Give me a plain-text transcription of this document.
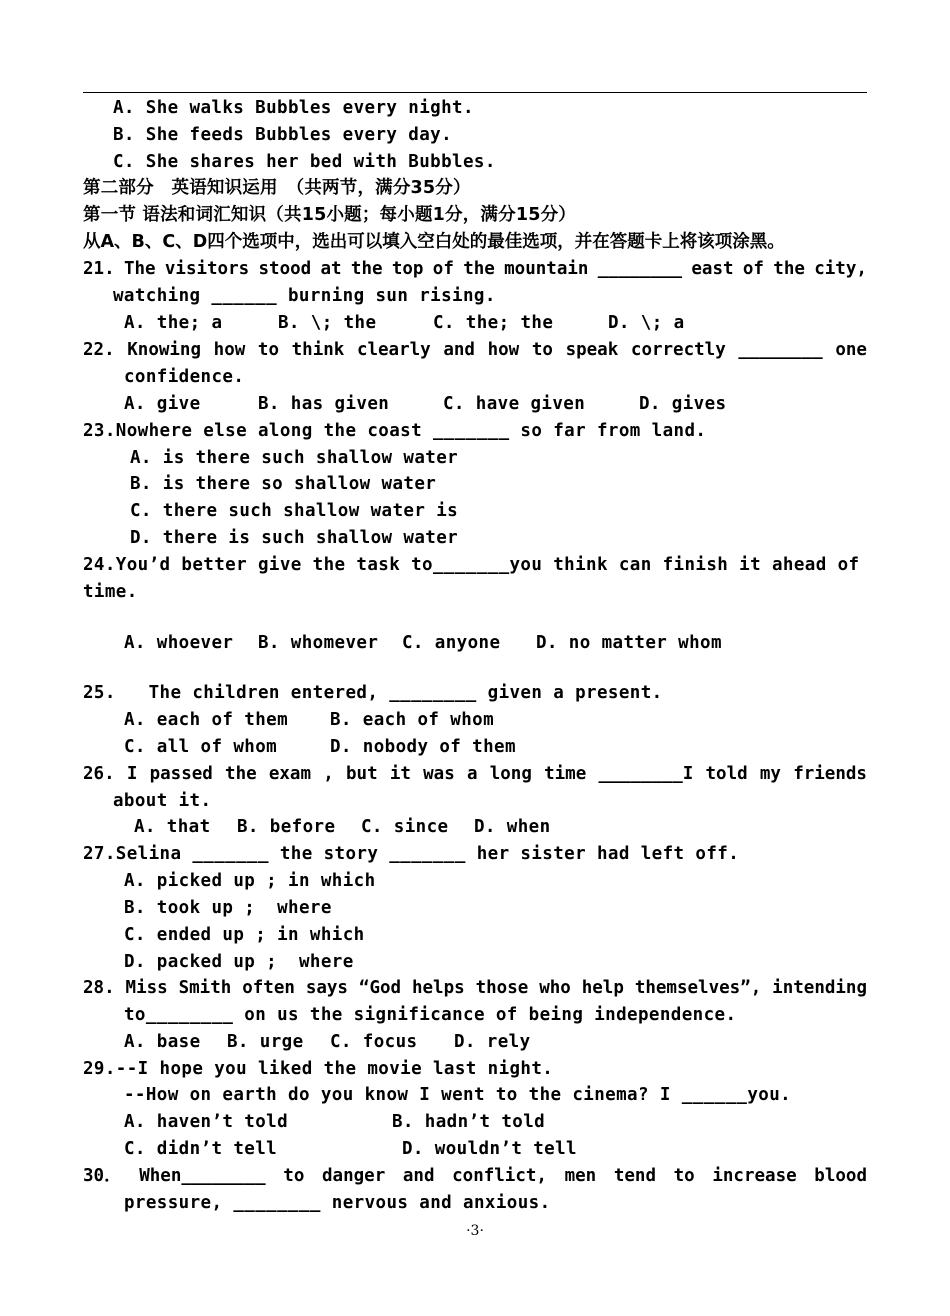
A. She walks Bubbles every night.
B. She feeds Bubbles every day.
C. She shares her bed with Bubbles.
第二部分　英语知识运用　（共两节，满分35分）
第一节 语法和词汇知识（共15小题；每小题1分，满分15分）
从A、B、C、D四个选项中，选出可以填入空白处的最佳选项，并在答题卡上将该项涂黑。
21. The visitors stood at the top of the mountain ________ east of the city,
watching ______ burning sun rising.
A. the; a	B. \; the	C. the; the	D. \; a
22. Knowing how to think clearly and how to speak correctly ________ one
confidence.
A. give	B. has given	C. have given	D. gives
23.Nowhere else along the coast _______ so far from land.
A. is there such shallow water
B. is there so shallow water
C. there such shallow water is
D. there is such shallow water
24.You’d better give the task to_______you think can finish it ahead of
time.
A. whoever B. whomever C. anyone D. no matter whom
25.   The children entered, ________ given a present.
A. each of them B. each of whom
C. all of whom	D. nobody of them
26. I passed the exam , but it was a long time ________I told my friends
about it.
A. that B. before C. since D. when
27.Selina _______ the story _______ her sister had left off.
A. picked up ; in which
B. took up ;  where
C. ended up ; in which
D. packed up ;  where
28. Miss Smith often says “God helps those who help themselves”, intending
to________ on us the significance of being independence.
A. base B. urge C. focus D. rely
29.--I hope you liked the movie last night.
--How on earth do you know I went to the cinema? I ______you.
A. haven’t told	B. hadn’t told
C. didn’t tell	D. wouldn’t tell
30． When________ to danger and conflict, men tend to increase blood
pressure, ________ nervous and anxious.
·3·
